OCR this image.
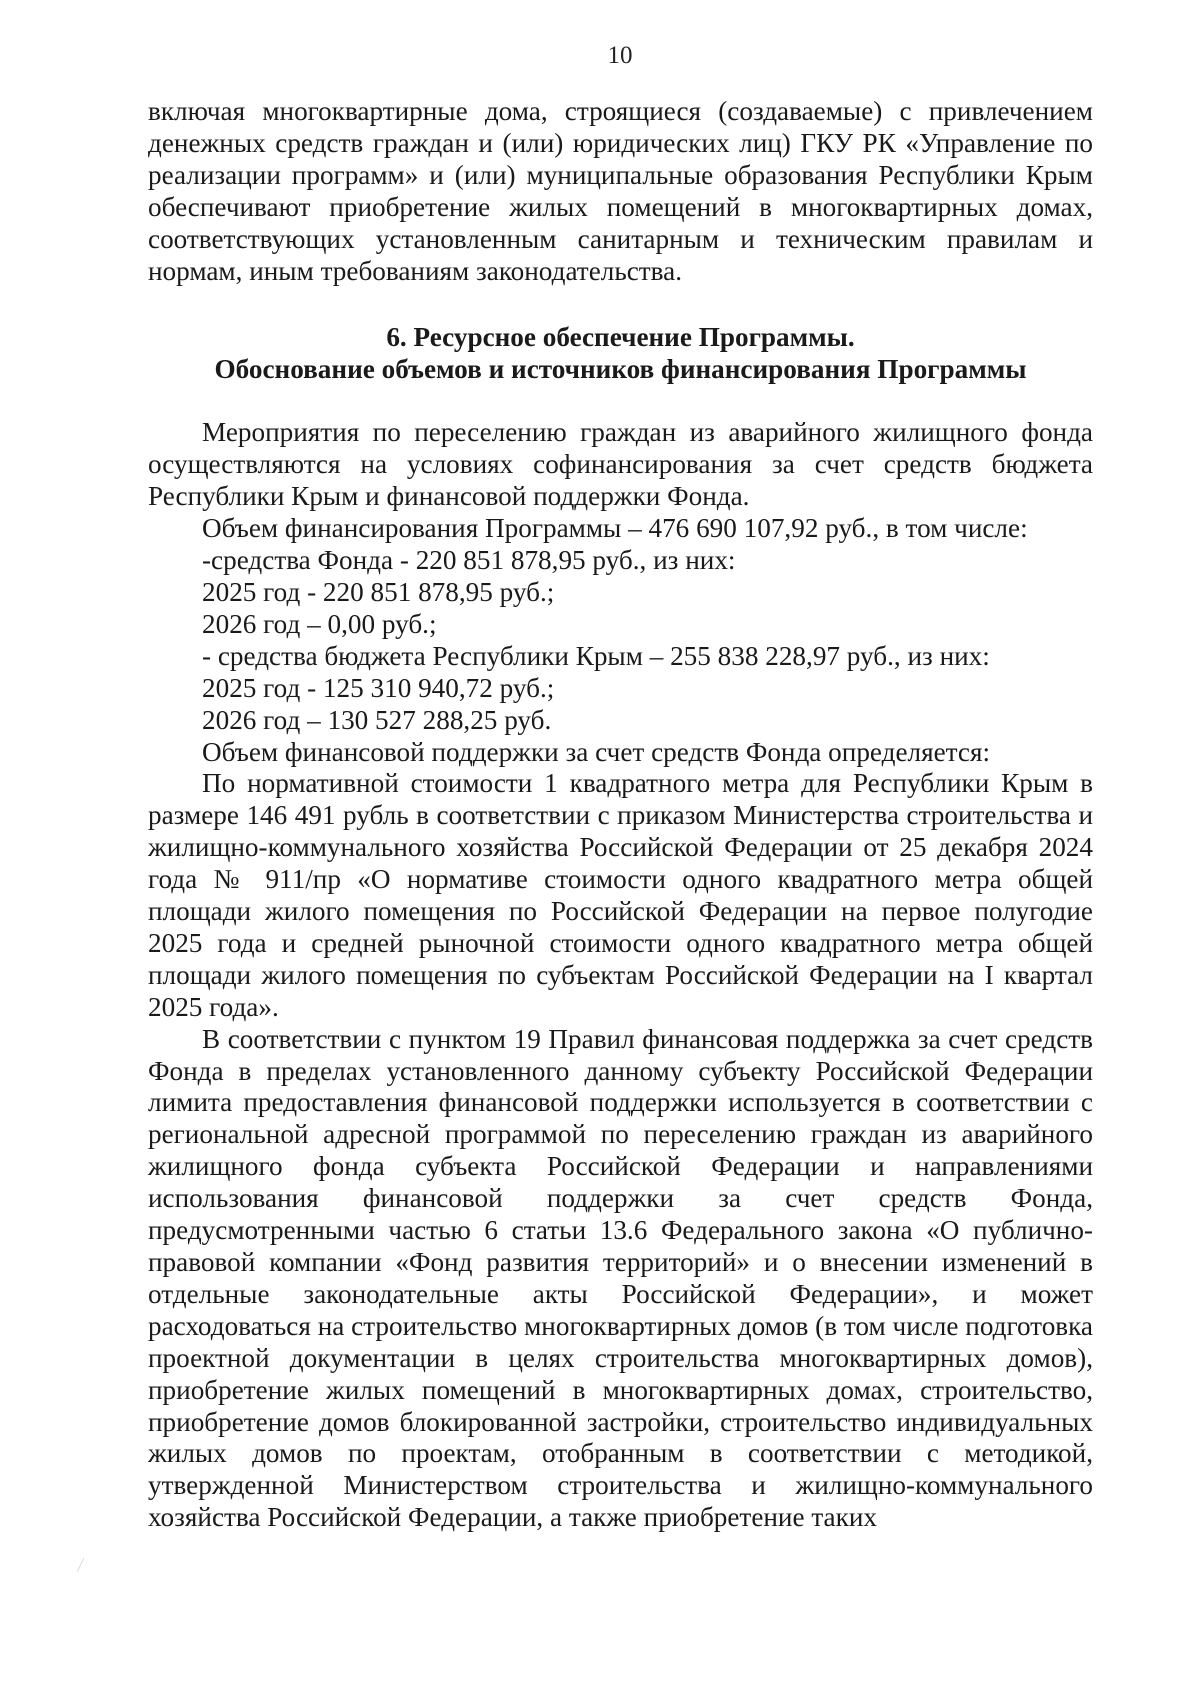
10

включая многоквартирные дома, строящиеся (создаваемые) с привлечением денежных средств граждан и (или) юридических лиц) ГКУ РК «Управление по реализации программ» и (или) муниципальные образования Республики Крым обеспечивают приобретение жилых помещений в многоквартирных домах, соответствующих установленным санитарным и техническим правилам и нормам, иным требованиям законодательства.

6. Ресурсное обеспечение Программы.
Обоснование объемов и источников финансирования Программы

Мероприятия по переселению граждан из аварийного жилищного фонда осуществляются на условиях софинансирования за счет средств бюджета Республики Крым и финансовой поддержки Фонда.

Объем финансирования Программы – 476 690 107,92 руб., в том числе:
-средства Фонда - 220 851 878,95 руб., из них:
2025 год - 220 851 878,95 руб.;
2026 год – 0,00 руб.;
- средства бюджета Республики Крым – 255 838 228,97 руб., из них:
2025 год - 125 310 940,72 руб.;
2026 год – 130 527 288,25 руб.
Объем финансовой поддержки за счет средств Фонда определяется:

По нормативной стоимости 1 квадратного метра для Республики Крым в размере 146 491 рубль в соответствии с приказом Министерства строительства и жилищно-коммунального хозяйства Российской Федерации от 25 декабря 2024 года № 911/пр «О нормативе стоимости одного квадратного метра общей площади жилого помещения по Российской Федерации на первое полугодие 2025 года и средней рыночной стоимости одного квадратного метра общей площади жилого помещения по субъектам Российской Федерации на I квартал 2025 года».

В соответствии с пунктом 19 Правил финансовая поддержка за счет средств Фонда в пределах установленного данному субъекту Российской Федерации лимита предоставления финансовой поддержки используется в соответствии с региональной адресной программой по переселению граждан из аварийного жилищного фонда субъекта Российской Федерации и направлениями использования финансовой поддержки за счет средств Фонда, предусмотренными частью 6 статьи 13.6 Федерального закона «О публично-правовой компании «Фонд развития территорий» и о внесении изменений в отдельные законодательные акты Российской Федерации», и может расходоваться на строительство многоквартирных домов (в том числе подготовка проектной документации в целях строительства многоквартирных домов), приобретение жилых помещений в многоквартирных домах, строительство, приобретение домов блокированной застройки, строительство индивидуальных жилых домов по проектам, отобранным в соответствии с методикой, утвержденной Министерством строительства и жилищно-коммунального хозяйства Российской Федерации, а также приобретение таких
